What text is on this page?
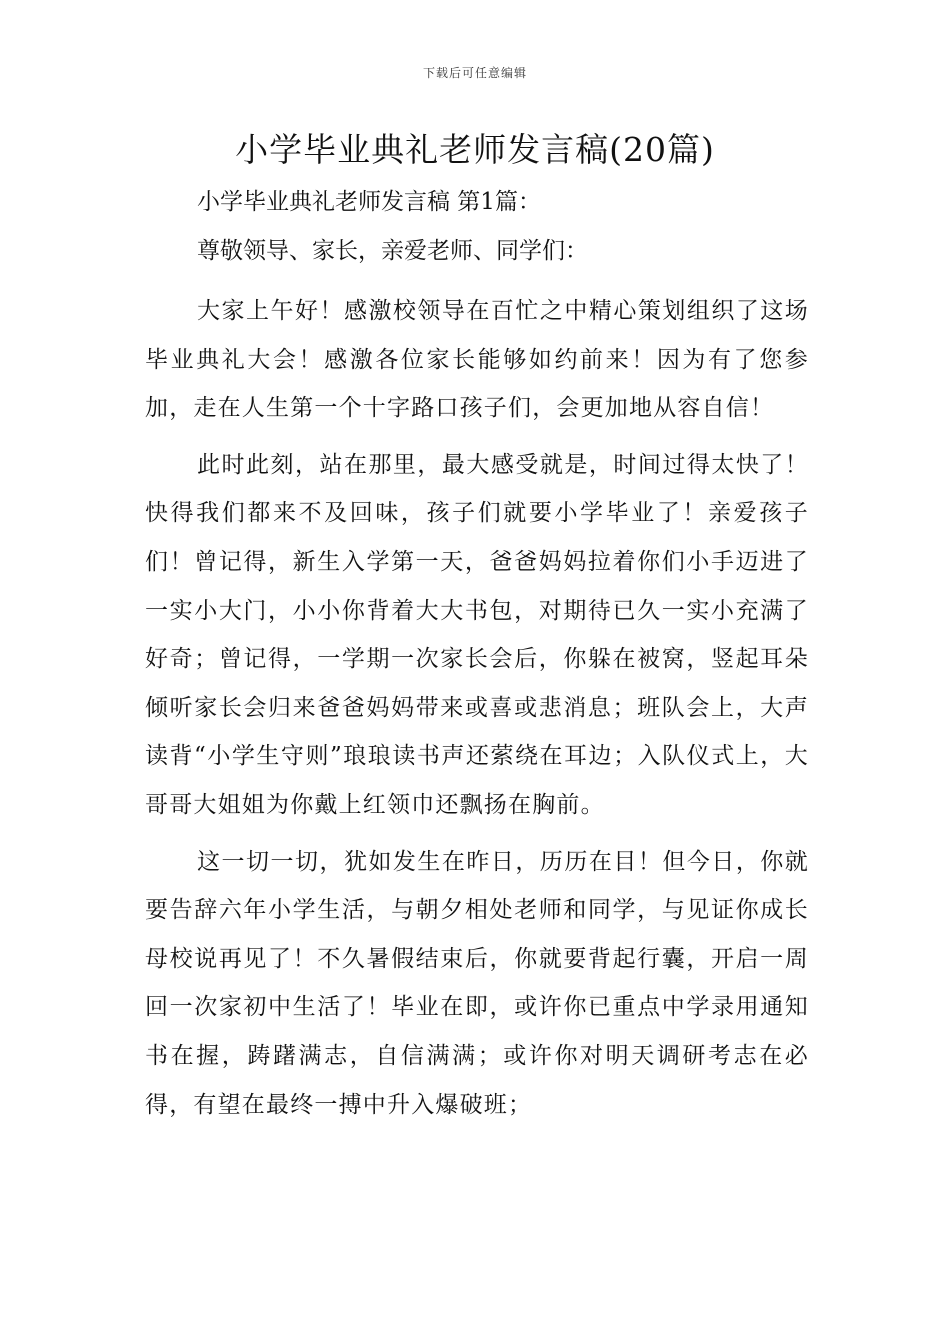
下载后可任意编辑
小学毕业典礼老师发言稿(20篇)

小学毕业典礼老师发言稿 第1篇：

尊敬领导、家长，亲爱老师、同学们：

大家上午好！感激校领导在百忙之中精心策划组织了这场毕业典礼大会！感激各位家长能够如约前来！因为有了您参加，走在人生第一个十字路口孩子们，会更加地从容自信！

此时此刻，站在那里，最大感受就是，时间过得太快了！快得我们都来不及回味，孩子们就要小学毕业了！亲爱孩子们！曾记得，新生入学第一天，爸爸妈妈拉着你们小手迈进了一实小大门，小小你背着大大书包，对期待已久一实小充满了好奇；曾记得，一学期一次家长会后，你躲在被窝，竖起耳朵倾听家长会归来爸爸妈妈带来或喜或悲消息；班队会上，大声读背“小学生守则”琅琅读书声还萦绕在耳边；入队仪式上，大哥哥大姐姐为你戴上红领巾还飘扬在胸前。

这一切一切，犹如发生在昨日，历历在目！但今日，你就要告辞六年小学生活，与朝夕相处老师和同学，与见证你成长母校说再见了！不久暑假结束后，你就要背起行囊，开启一周回一次家初中生活了！毕业在即，或许你已重点中学录用通知书在握，踌躇满志，自信满满；或许你对明天调研考志在必得，有望在最终一搏中升入爆破班；
